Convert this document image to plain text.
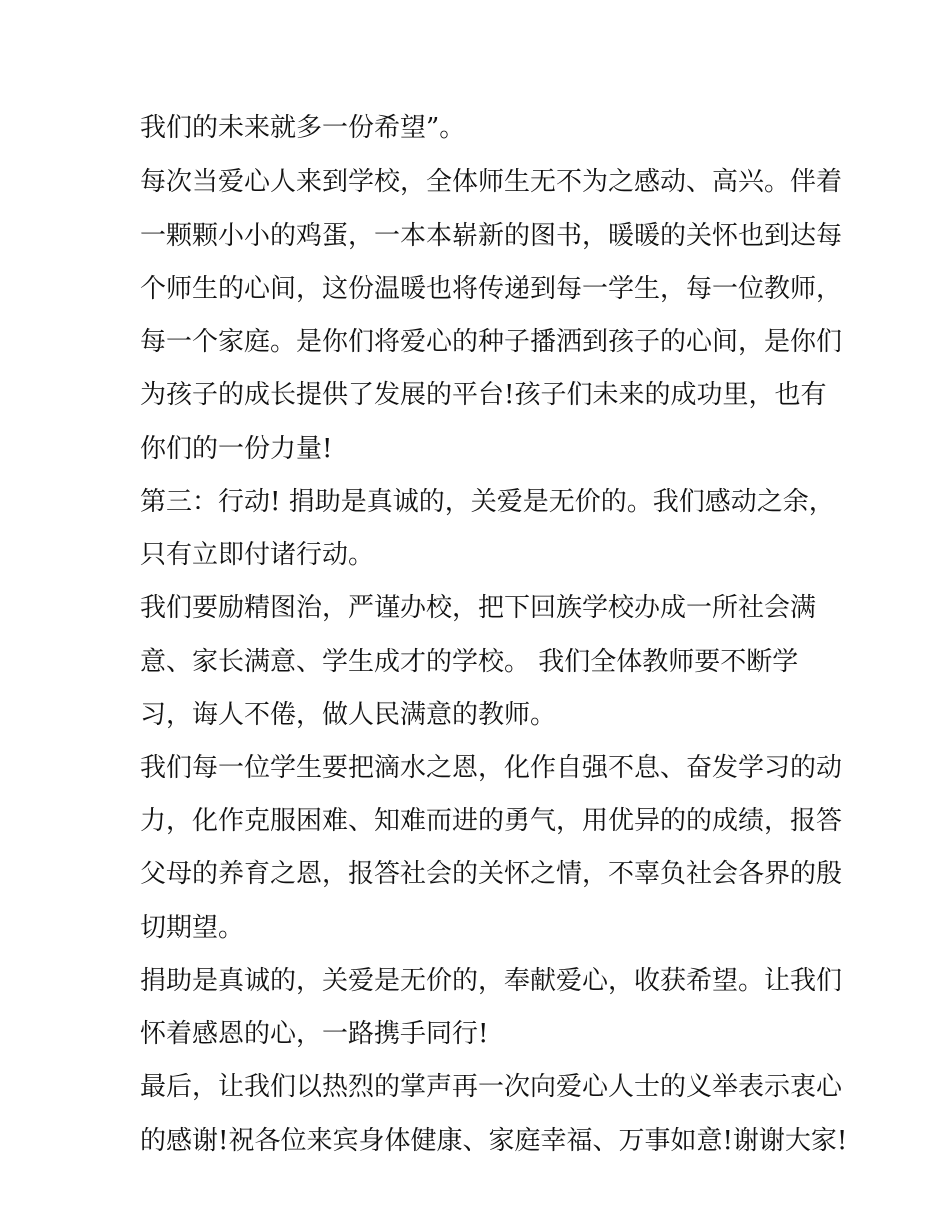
我们的未来就多一份希望”。
每次当爱心人来到学校，全体师生无不为之感动、高兴。伴着
一颗颗小小的鸡蛋，一本本崭新的图书，暖暖的关怀也到达每
个师生的心间，这份温暖也将传递到每一学生，每一位教师，
每一个家庭。是你们将爱心的种子播洒到孩子的心间，是你们
为孩子的成长提供了发展的平台!孩子们未来的成功里，也有
你们的一份力量!
第三：行动! 捐助是真诚的，关爱是无价的。我们感动之余，
只有立即付诸行动。
我们要励精图治，严谨办校，把下回族学校办成一所社会满
意、家长满意、学生成才的学校。 我们全体教师要不断学
习，诲人不倦，做人民满意的教师。
我们每一位学生要把滴水之恩，化作自强不息、奋发学习的动
力，化作克服困难、知难而进的勇气，用优异的的成绩，报答
父母的养育之恩，报答社会的关怀之情，不辜负社会各界的殷
切期望。
捐助是真诚的，关爱是无价的，奉献爱心，收获希望。让我们
怀着感恩的心，一路携手同行!
最后，让我们以热烈的掌声再一次向爱心人士的义举表示衷心
的感谢!祝各位来宾身体健康、家庭幸福、万事如意!谢谢大家!
